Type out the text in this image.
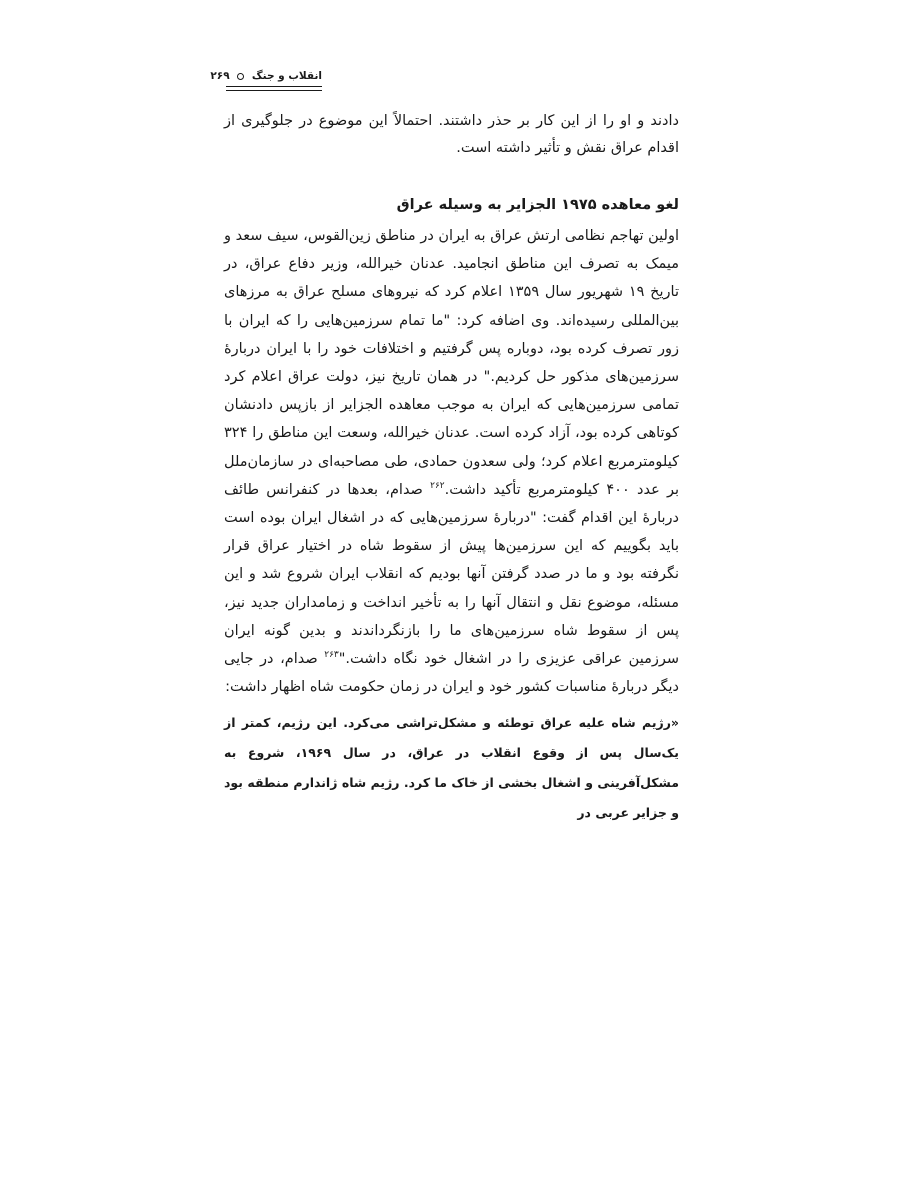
انقلاب و جنگ  ۲۶۹

دادند و او را از این کار بر حذر داشتند. احتمالاً این موضوع در جلوگیری از اقدام عراق نقش و تأثیر داشته است.

لغو معاهده ۱۹۷۵ الجزایر به وسیله عراق

اولین تهاجم نظامی ارتش عراق به ایران در مناطق زین‌القوس، سیف سعد و میمک به تصرف این مناطق انجامید. عدنان خیرالله، وزیر دفاع عراق، در تاریخ ۱۹ شهریور سال ۱۳۵۹ اعلام کرد که نیروهای مسلح عراق به مرزهای بین‌المللی رسیده‌اند. وی اضافه کرد: "ما تمام سرزمین‌هایی را که ایران با زور تصرف کرده بود، دوباره پس گرفتیم و اختلافات خود را با ایران دربارهٔ سرزمین‌های مذکور حل کردیم." در همان تاریخ نیز، دولت عراق اعلام کرد تمامی سرزمین‌هایی که ایران به موجب معاهده الجزایر از بازپس دادنشان کوتاهی کرده بود، آزاد کرده است. عدنان خیرالله، وسعت این مناطق را ۳۲۴ کیلومترمربع اعلام کرد؛ ولی سعدون حمادی، طی مصاحبه‌ای در سازمان‌ملل بر عدد ۴۰۰ کیلومترمربع تأکید داشت.$^{۲۶۲}$ صدام، بعدها در کنفرانس طائف دربارهٔ این اقدام گفت: "دربارهٔ سرزمین‌هایی که در اشغال ایران بوده است باید بگوییم که این سرزمین‌ها پیش از سقوط شاه در اختیار عراق قرار نگرفته بود و ما در صدد گرفتن آنها بودیم که انقلاب ایران شروع شد و این مسئله، موضوع نقل و انتقال آنها را به تأخیر انداخت و زمامداران جدید نیز، پس از سقوط شاه سرزمین‌های ما را بازنگرداندند و بدین گونه ایران سرزمین عراقی عزیزی را در اشغال خود نگاه داشت."$^{۲۶۳}$ صدام، در جایی دیگر دربارهٔ مناسبات کشور خود و ایران در زمان حکومت شاه اظهار داشت:

«رژیم شاه علیه عراق توطئه و مشکل‌تراشی می‌کرد. این رژیم، کمتر از یک‌سال پس از وقوع انقلاب در عراق، در سال ۱۹۶۹، شروع به مشکل‌آفرینی و اشغال بخشی از خاک ما کرد. رژیم شاه ژاندارم منطقه بود و جزایر عربی در
